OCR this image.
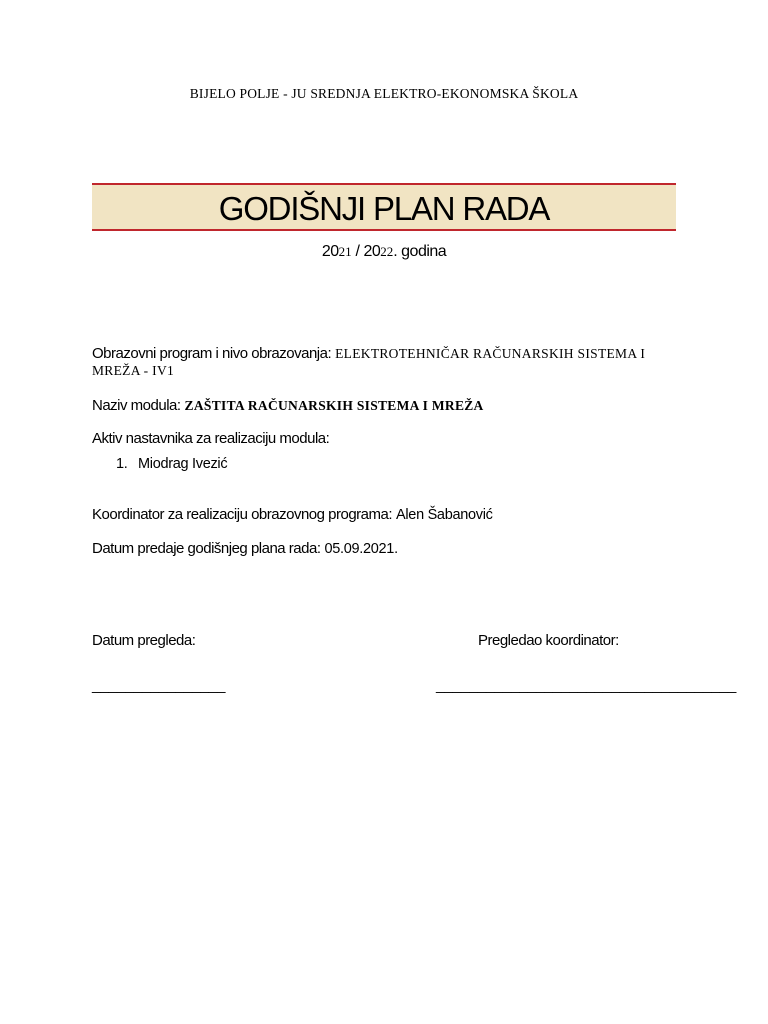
BIJELO POLJE - JU SREDNJA ELEKTRO-EKONOMSKA ŠKOLA
GODIŠNJI PLAN RADA
2021 / 2022. godina
Obrazovni program i nivo obrazovanja: ELEKTROTEHNIČAR RAČUNARSKIH SISTEMA I MREŽA - IV1
Naziv modula: ZAŠTITA RAČUNARSKIH SISTEMA I MREŽA
Aktiv nastavnika za realizaciju modula:
1. Miodrag Ivezić
Koordinator za realizaciju obrazovnog programa: Alen Šabanović
Datum predaje godišnjeg plana rada: 05.09.2021.
Datum pregleda:	Pregledao koordinator:
________________	____________________________________
